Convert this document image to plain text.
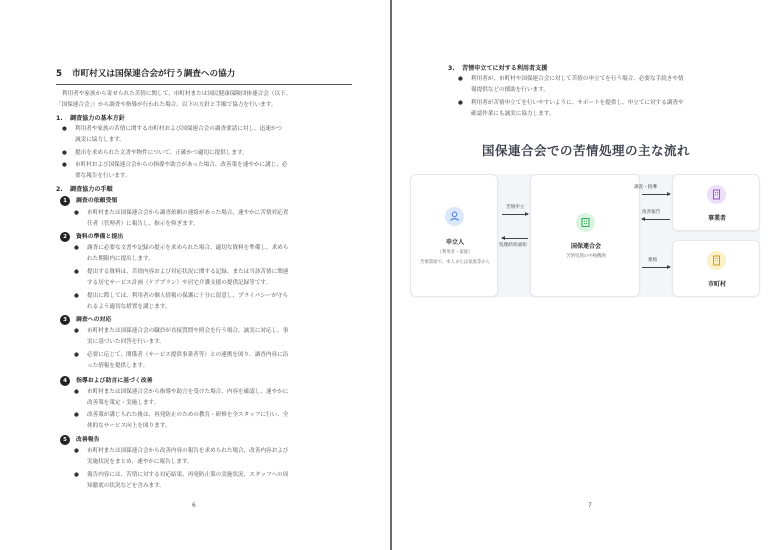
5 市町村又は国保連合会が行う調査への協力
利用者や家族から寄せられた苦情に関して、市町村または国民健康保険団体連合会（以下、
「国保連合会」）から調査や指導が行われた場合、以下の方針と手順で協力を行います。
1. 調査協力の基本方針
● 利用者や家族の苦情に関する市町村および国保連合会の調査要請に対し、迅速かつ
誠実に協力します。
● 提出を求められた文書や物件について、正確かつ適切に提供します。
● 市町村および国保連合会からの指導や助言があった場合、改善策を速やかに講じ、必
要な報告を行います。
2. 調査協力の手順
1 調査の依頼受領
● 市町村または国保連合会から調査依頼の連絡があった場合、速やかに苦情対応責
任者（管理者）に報告し、指示を仰ぎます。
2 資料の準備と提出
● 調査に必要な文書や記録の提示を求められた場合、適切な資料を準備し、求めら
れた期限内に提出します。
● 提出する資料は、苦情内容および対応状況に関する記録、または当該苦情に関連
する居宅サービス計画（ケアプラン）や居宅介護支援の提供記録等です。
● 提出に際しては、利用者の個人情報の保護に十分に留意し、プライバシーが守ら
れるよう適切な措置を講じます。
3 調査への対応
● 市町村または国保連合会の職員が直接質問や照会を行う場合、誠実に対応し、事
実に基づいた回答を行います。
● 必要に応じて、関係者（サービス提供事業者等）との連携を図り、調査内容に沿
った情報を提供します。
4 指導および助言に基づく改善
● 市町村または国保連合会から指導や助言を受けた場合、内容を確認し、速やかに
改善策を策定・実施します。
● 改善策が講じられた後は、再発防止のための教育・研修を全スタッフに行い、全
体的なサービス向上を図ります。
5 改善報告
● 市町村または国保連合会から改善内容の報告を求められた場合、改善内容および
実施状況をまとめ、速やかに報告します。
● 報告内容には、苦情に対する対応結果、再発防止策の実施状況、スタッフへの周
知徹底の状況などを含みます。
6
3. 苦情申立てに対する利用者支援
● 利用者が、市町村や国保連合会に対して苦情の申立てを行う場合、必要な手続きや情
報提供などの援助を行います。
● 利用者が苦情申立てを行いやすいように、サポートを提供し、申立てに対する調査や
確認作業にも誠実に協力します。
国保連合会での苦情処理の主な流れ
申立人
（利用者・家族）
苦情書面で、本人または家族等から
国保連合会
苦情処理の中核機関
事業者
市町村
苦情申立
処理結果通知
調査・指導
改善報告
連絡
7
